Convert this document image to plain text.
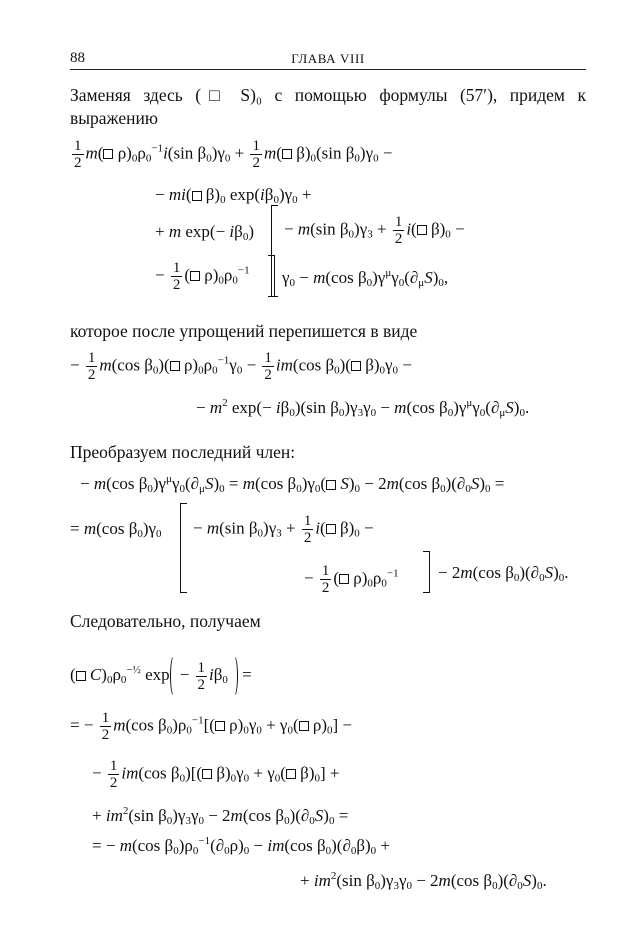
88	ГЛАВА VIII
Заменяя здесь (□ S)₀ с помощью формулы (57′), придем к
выражению
$\frac{1}{2} m$( $\rho)_0\rho_0^{-1}i(\sin$ $\beta_0)\gamma_0 + \frac{1}{2} m$( $\beta)_0(\sin$ $\beta_0)\gamma_0$ −
− mi( $\beta)_0$ $\exp(i\beta_0)\gamma_0$ +
+ m $\exp(- i\beta_0) - m(\sin$ $\beta_0)\gamma_3 + \frac{1}{2} i$( $\beta)_0$ −
− $\frac{1}{2}$ ( $\rho)_0\rho_0^{-1}$ $\gamma_0 - m(\cos$ $\beta_0)\gamma^\mu\gamma_0(\partial_\mu S)_0$,
которое после упрощений перепишется в виде
− $\frac{1}{2} m(\cos$ $\beta_0$)( $\rho)_0\rho_0^{-1}\gamma_0 - \frac{1}{2} im(\cos$ $\beta_0$)( $\beta)_0\gamma_0$ −
− $m^2$ $\exp(- i\beta_0)(\sin$ $\beta_0)\gamma_3\gamma_0 - m(\cos$ $\beta_0)\gamma^\mu\gamma_0(\partial_\mu S)_0$.
Преобразуем последний член:
− m(cos $\beta_0)\gamma^\mu\gamma_0(\partial_\mu S)_0 = m(\cos$ $\beta_0)\gamma_0$( $S)_0 - 2m(\cos$ $\beta_0)(\partial_0S)_0$ =
= m(cos $\beta_0)\gamma_0 - m(\sin$ $\beta_0)\gamma_3 + \frac{1}{2} i$( $\beta)_0$ −
− $\frac{1}{2}$ ( $\rho)_0\rho_0^{-1} - 2m(\cos$ $\beta_0)(\partial_0S)_0$.
Следовательно, получаем
( $C)_0\rho_0^{-\frac{1}{2}}$ $\exp - \frac{1}{2} i\beta_0$ =
= − $\frac{1}{2} m(\cos$ $\beta_0)\rho_0^{-1}$[( $\rho)_0\gamma_0 + \gamma_0$( $\rho)_0$] −
− $\frac{1}{2} im(\cos$ $\beta_0$)[( $\beta)_0\gamma_0 + \gamma_0$( $\beta)_0$] +
+ $im^2(\sin$ $\beta_0)\gamma_3\gamma_0 - 2m(\cos$ $\beta_0)(\partial_0S)_0$ =
= − m(cos $\beta_0)\rho_0^{-1}(\partial_0\rho)_0 - im(\cos$ $\beta_0)(\partial_0\beta)_0$ +
+ $im^2(\sin$ $\beta_0)\gamma_3\gamma_0 - 2m(\cos$ $\beta_0)(\partial_0S)_0$.
